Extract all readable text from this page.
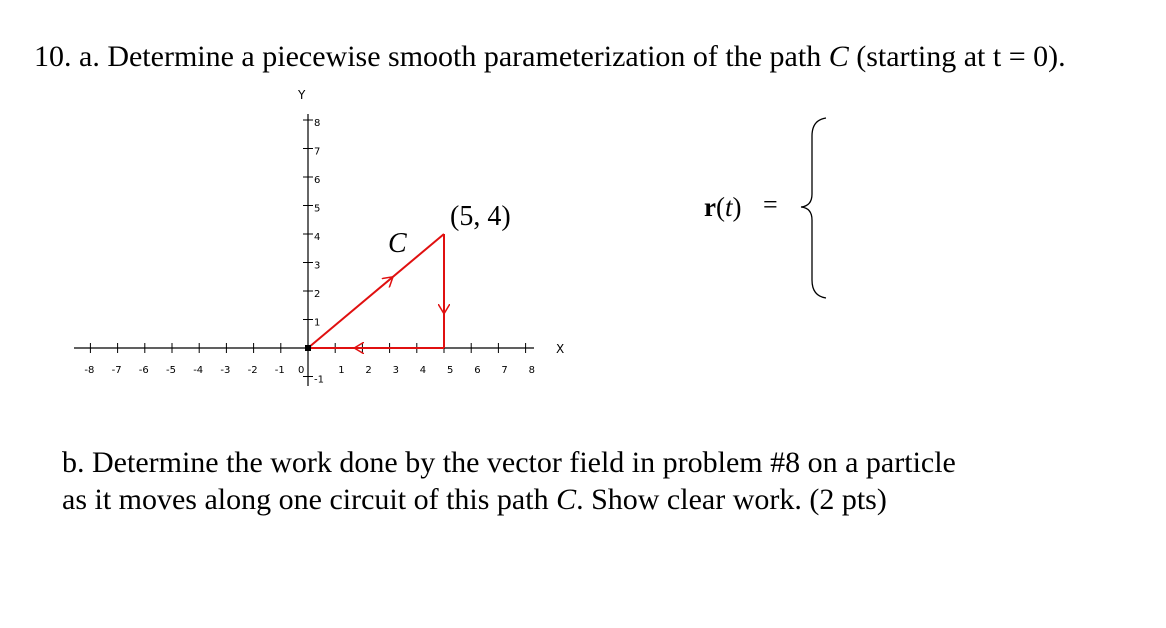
10. a. Determine a piecewise smooth parameterization of the path C (starting at t = 0).
-8 -7 -6 -5 -4 -3 -2 -1 0	1 2 3 4 5 6 7 8
-1
1
2
3
4
5
6
7
8
X
Y
C
(5, 4)	r(t) =
b. Determine the work done by the vector field in problem #8 on a particle
as it moves along one circuit of this path C. Show clear work. (2 pts)
